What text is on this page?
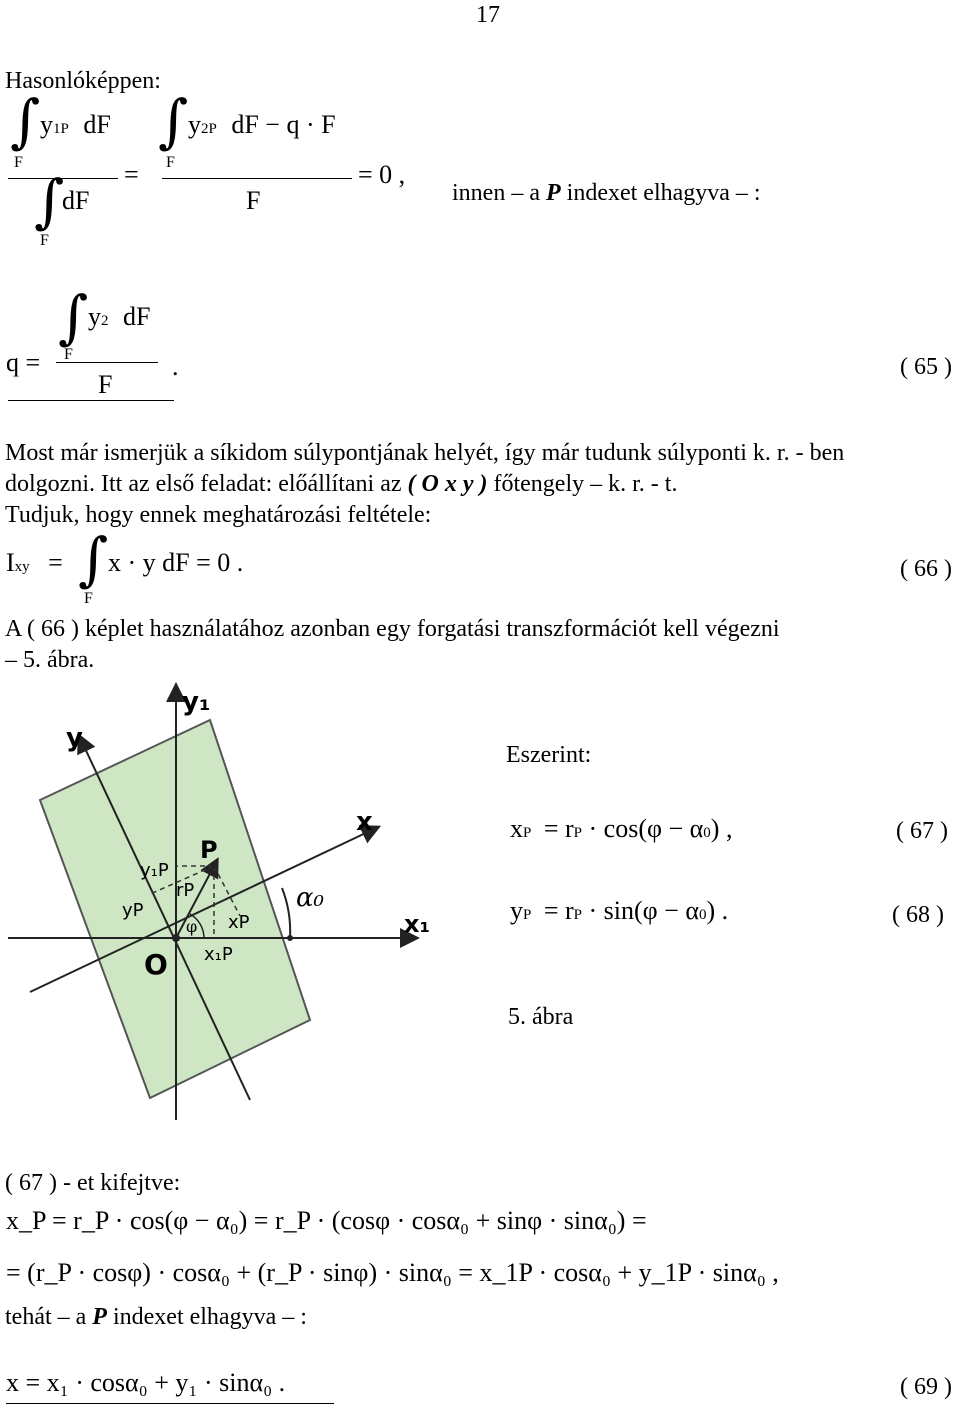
17
Hasonlóképpen:
∫ y1P dF
F
∫
dF
F
=
∫ y2P dF − q · F
F
F
= 0 ,
innen – a P indexet elhagyva – :
q =
∫ y2 dF
F
F
.	( 65 )
Most már ismerjük a síkidom súlypontjának helyét, így már tudunk súlyponti k. r. - ben
dolgozni. Itt az első feladat: előállítani az ( O x y ) főtengely – k. r. - t.
Tudjuk, hogy ennek meghatározási feltétele:
Ixy = ∫ x · y dF = 0 .
F
( 66 )
A ( 66 ) képlet használatához azonban egy forgatási transzformációt kell végezni
– 5. ábra.
y₁
y
x
x₁
P
O
y₁P
yP
rP
xP
x₁P
φ
α₀
Eszerint:
xP = rP · cos(φ − α0) ,	( 67 )
yP = rP · sin(φ − α0) .	( 68 )
5. ábra
( 67 ) - et kifejtve:
x_P = r_P · cos(φ − α₀) = r_P · (cosφ · cosα₀ + sinφ · sinα₀) =
= (r_P · cosφ) · cosα₀ + (r_P · sinφ) · sinα₀ = x_1P · cosα₀ + y_1P · sinα₀ ,
tehát – a P indexet elhagyva – :
x = x₁ · cosα₀ + y₁ · sinα₀ .	( 69 )
